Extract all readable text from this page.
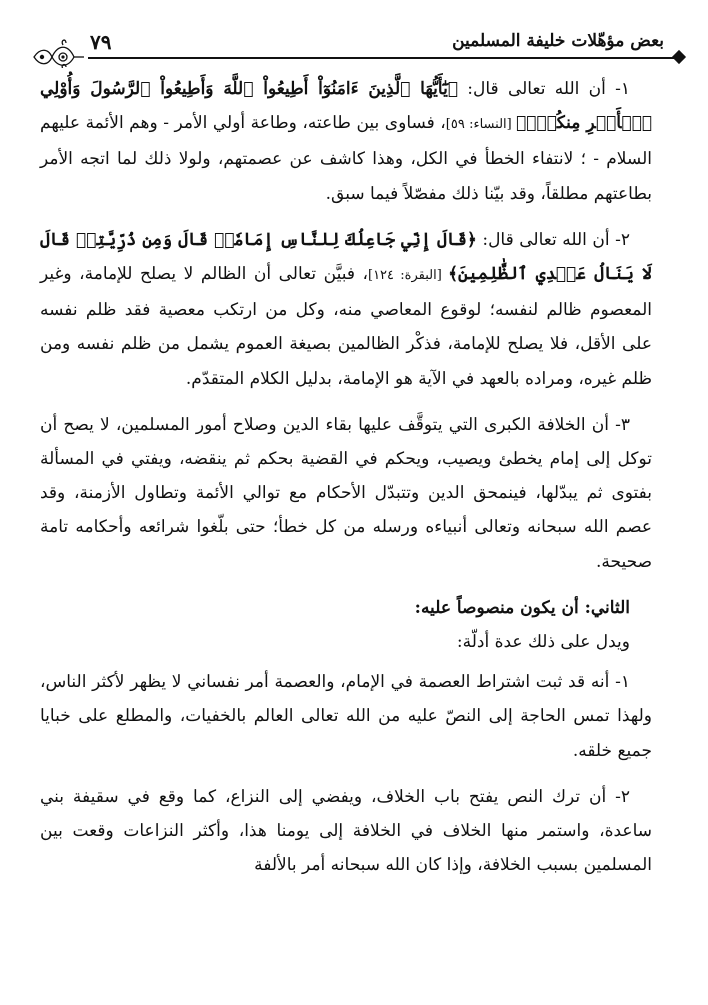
٧٩	بعض مؤهّلات خليفة المسلمين

١- أن الله تعالى قال: ﴿يَٰٓأَيُّهَا ٱلَّذِينَ ءَامَنُوٓاْ أَطِيعُواْ ٱللَّهَ وَأَطِيعُواْ ٱلرَّسُولَ وَأُوْلِي ٱلۡأَمۡرِ مِنكُمۡۖ﴾ [النساء: ٥٩]، فساوى بين طاعته، وطاعة أولي الأمر - وهم الأئمة عليهم السلام - ؛ لانتفاء الخطأ في الكل، وهذا كاشف عن عصمتهم، ولولا ذلك لما اتجه الأمر بطاعتهم مطلقاً، وقد بيّنا ذلك مفصّلاً فيما سبق.

٢- أن الله تعالى قال: ﴿قَالَ إِنِّي جَاعِلُكَ لِلنَّاسِ إِمَامٗاۖ قَالَ وَمِن ذُرِّيَّتِيۖ قَالَ لَا يَنَالُ عَهۡدِي ٱلظَّٰلِمِينَ﴾ [البقرة: ١٢٤]، فبيَّن تعالى أن الظالم لا يصلح للإمامة، وغير المعصوم ظالم لنفسه؛ لوقوع المعاصي منه، وكل من ارتكب معصية فقد ظلم نفسه على الأقل، فلا يصلح للإمامة، فذكْر الظالمين بصيغة العموم يشمل من ظلم نفسه ومن ظلم غيره، ومراده بالعهد في الآية هو الإمامة، بدليل الكلام المتقدّم.

٣- أن الخلافة الكبرى التي يتوقَّف عليها بقاء الدين وصلاح أمور المسلمين، لا يصح أن توكل إلى إمام يخطئ ويصيب، ويحكم في القضية بحكم ثم ينقضه، ويفتي في المسألة بفتوى ثم يبدّلها، فينمحق الدين وتتبدّل الأحكام مع توالي الأئمة وتطاول الأزمنة، وقد عصم الله سبحانه وتعالى أنبياءه ورسله من كل خطأ؛ حتى بلّغوا شرائعه وأحكامه تامة صحيحة.

الثاني: أن يكون منصوصاً عليه:

ويدل على ذلك عدة أدلّة:

١- أنه قد ثبت اشتراط العصمة في الإمام، والعصمة أمر نفساني لا يظهر لأكثر الناس، ولهذا تمس الحاجة إلى النصّ عليه من الله تعالى العالم بالخفيات، والمطلع على خبايا جميع خلقه.

٢- أن ترك النص يفتح باب الخلاف، ويفضي إلى النزاع، كما وقع في سقيفة بني ساعدة، واستمر منها الخلاف في الخلافة إلى يومنا هذا، وأكثر النزاعات وقعت بين المسلمين بسبب الخلافة، وإذا كان الله سبحانه أمر بالألفة
